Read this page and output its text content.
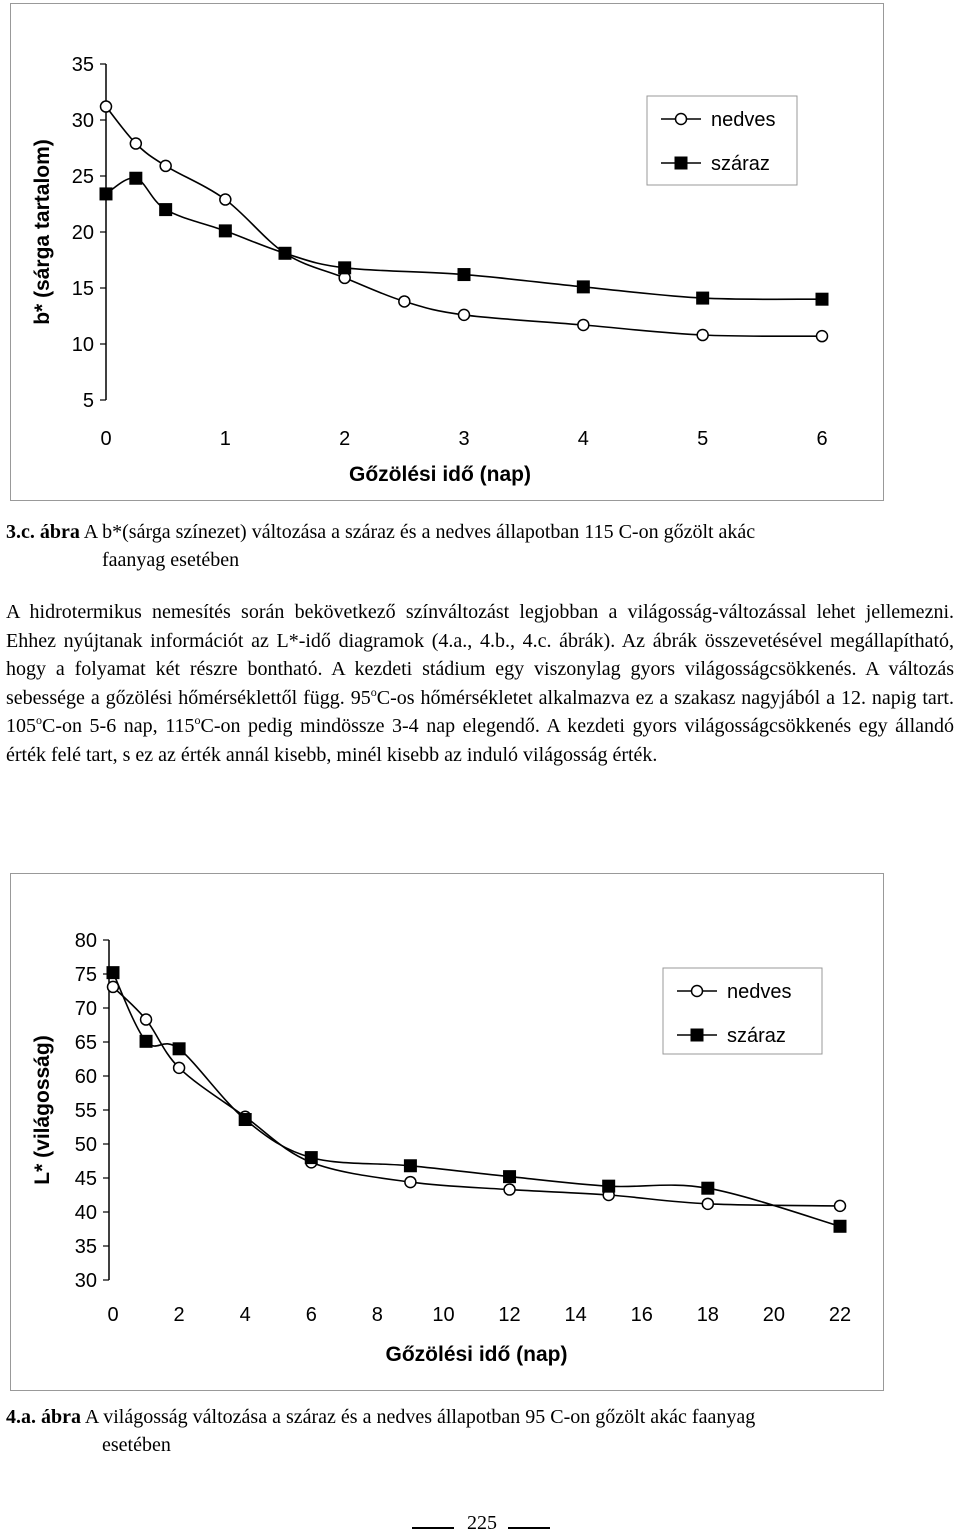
5
10
15
20
25
30
35
0	1	2	3	4	5	6
Gőzölési idő (nap)
b* (sárga tartalom)
nedves
száraz
3.c. ábra A b*(sárga színezet) változása a száraz és a nedves állapotban 115 C-on gőzölt akác
faanyag esetében
A hidrotermikus nemesítés során bekövetkező színváltozást legjobban a világosság-változással lehet jellemezni. Ehhez nyújtanak információt az L*-idő diagramok (4.a., 4.b., 4.c. ábrák). Az ábrák összevetésével megállapítható, hogy a folyamat két részre bontható. A kezdeti stádium egy viszonylag gyors világosságcsökkenés. A változás sebessége a gőzölési hőmérséklettől függ. 95$^o$C-os hőmérsékletet alkalmazva ez a szakasz nagyjából a 12. napig tart. 105$^o$C-on 5-6 nap, 115$^o$C-on pedig mindössze 3-4 nap elegendő. A kezdeti gyors világosságcsökkenés egy állandó érték felé tart, s ez az érték annál kisebb, minél kisebb az induló világosság érték.
30
35
40
45
50
55
60
65
70
75
80
0	2	4	6	8 10 12 14 16 18 20 22
Gőzölési idő (nap)
L* (világosság)
nedves
száraz
4.a. ábra A világosság változása a száraz és a nedves állapotban 95 C-on gőzölt akác faanyag
esetében
225
